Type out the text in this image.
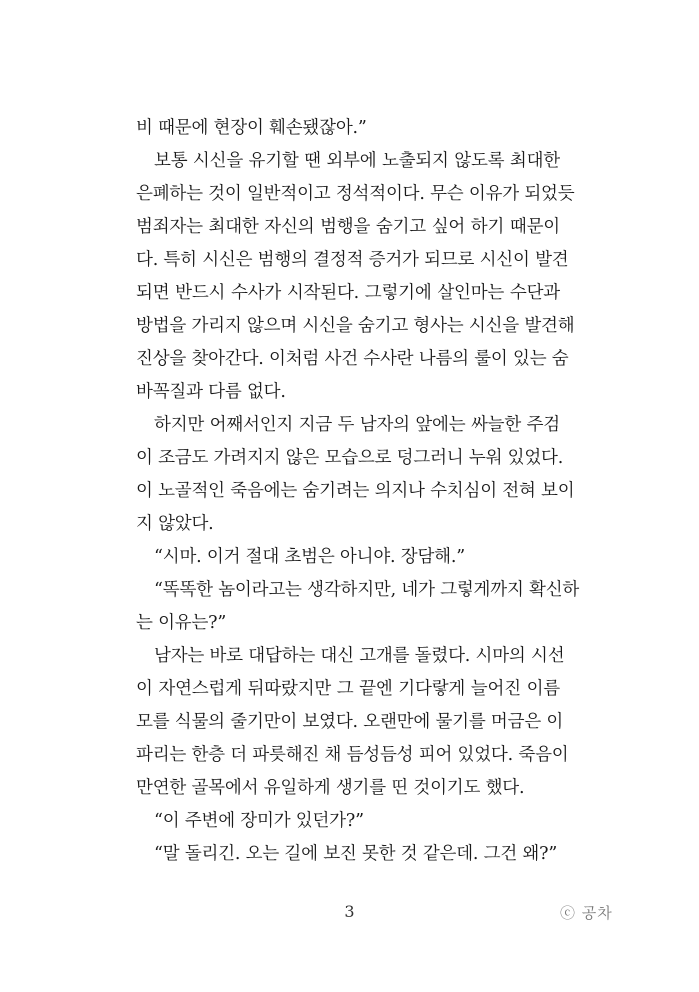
비 때문에 현장이 훼손됐잖아.”
보통 시신을 유기할 땐 외부에 노출되지 않도록 최대한
은폐하는 것이 일반적이고 정석적이다. 무슨 이유가 되었듯
범죄자는 최대한 자신의 범행을 숨기고 싶어 하기 때문이
다. 특히 시신은 범행의 결정적 증거가 되므로 시신이 발견
되면 반드시 수사가 시작된다. 그렇기에 살인마는 수단과
방법을 가리지 않으며 시신을 숨기고 형사는 시신을 발견해
진상을 찾아간다. 이처럼 사건 수사란 나름의 룰이 있는 숨
바꼭질과 다름 없다.
하지만 어째서인지 지금 두 남자의 앞에는 싸늘한 주검
이 조금도 가려지지 않은 모습으로 덩그러니 누워 있었다.
이 노골적인 죽음에는 숨기려는 의지나 수치심이 전혀 보이
지 않았다.
“시마. 이거 절대 초범은 아니야. 장담해.”
“똑똑한 놈이라고는 생각하지만, 네가 그렇게까지 확신하
는 이유는?”
남자는 바로 대답하는 대신 고개를 돌렸다. 시마의 시선
이 자연스럽게 뒤따랐지만 그 끝엔 기다랗게 늘어진 이름
모를 식물의 줄기만이 보였다. 오랜만에 물기를 머금은 이
파리는 한층 더 파릇해진 채 듬성듬성 피어 있었다. 죽음이
만연한 골목에서 유일하게 생기를 띤 것이기도 했다.
“이 주변에 장미가 있던가?”
“말 돌리긴. 오는 길에 보진 못한 것 같은데. 그건 왜?”
3	ⓒ 공차
